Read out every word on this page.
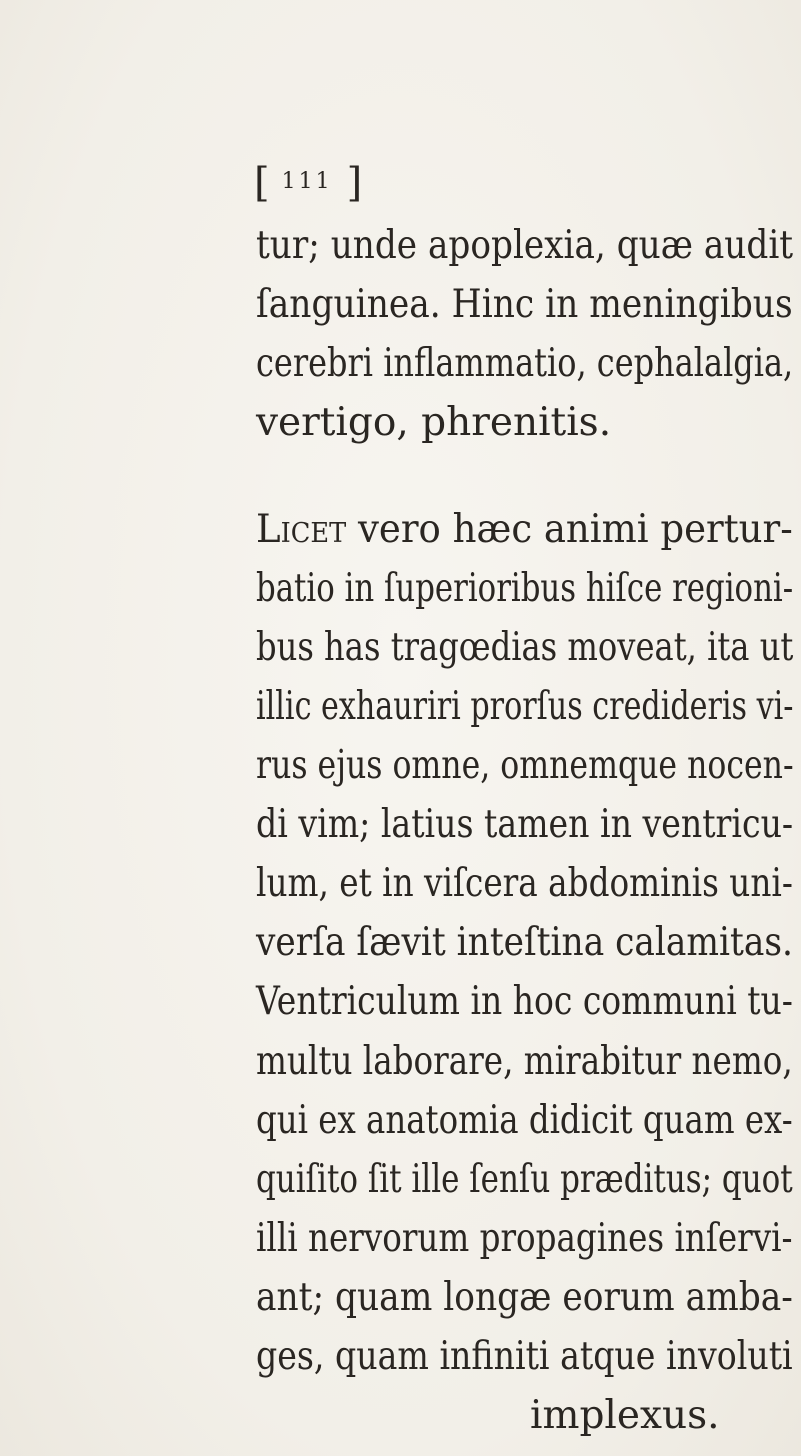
[ $^{111}$ ]
tur; unde apoplexia, quæ audit
ſanguinea. Hinc in meningibus
cerebri inflammatio, cephalalgia,
vertigo, phrenitis.
Licet vero hæc animi pertur-
batio in ſuperioribus hiſce regioni-
bus has tragœdias moveat, ita ut
illic exhauriri prorſus credideris vi-
rus ejus omne, omnemque nocen-
di vim; latius tamen in ventricu-
lum, et in viſcera abdominis uni-
verſa ſævit inteſtina calamitas.
Ventriculum in hoc communi tu-
multu laborare, mirabitur nemo,
qui ex anatomia didicit quam ex-
quiſito ſit ille ſenſu præditus; quot
illi nervorum propagines inſervi-
ant; quam longæ eorum amba-
ges, quam infiniti atque involuti
implexus.
